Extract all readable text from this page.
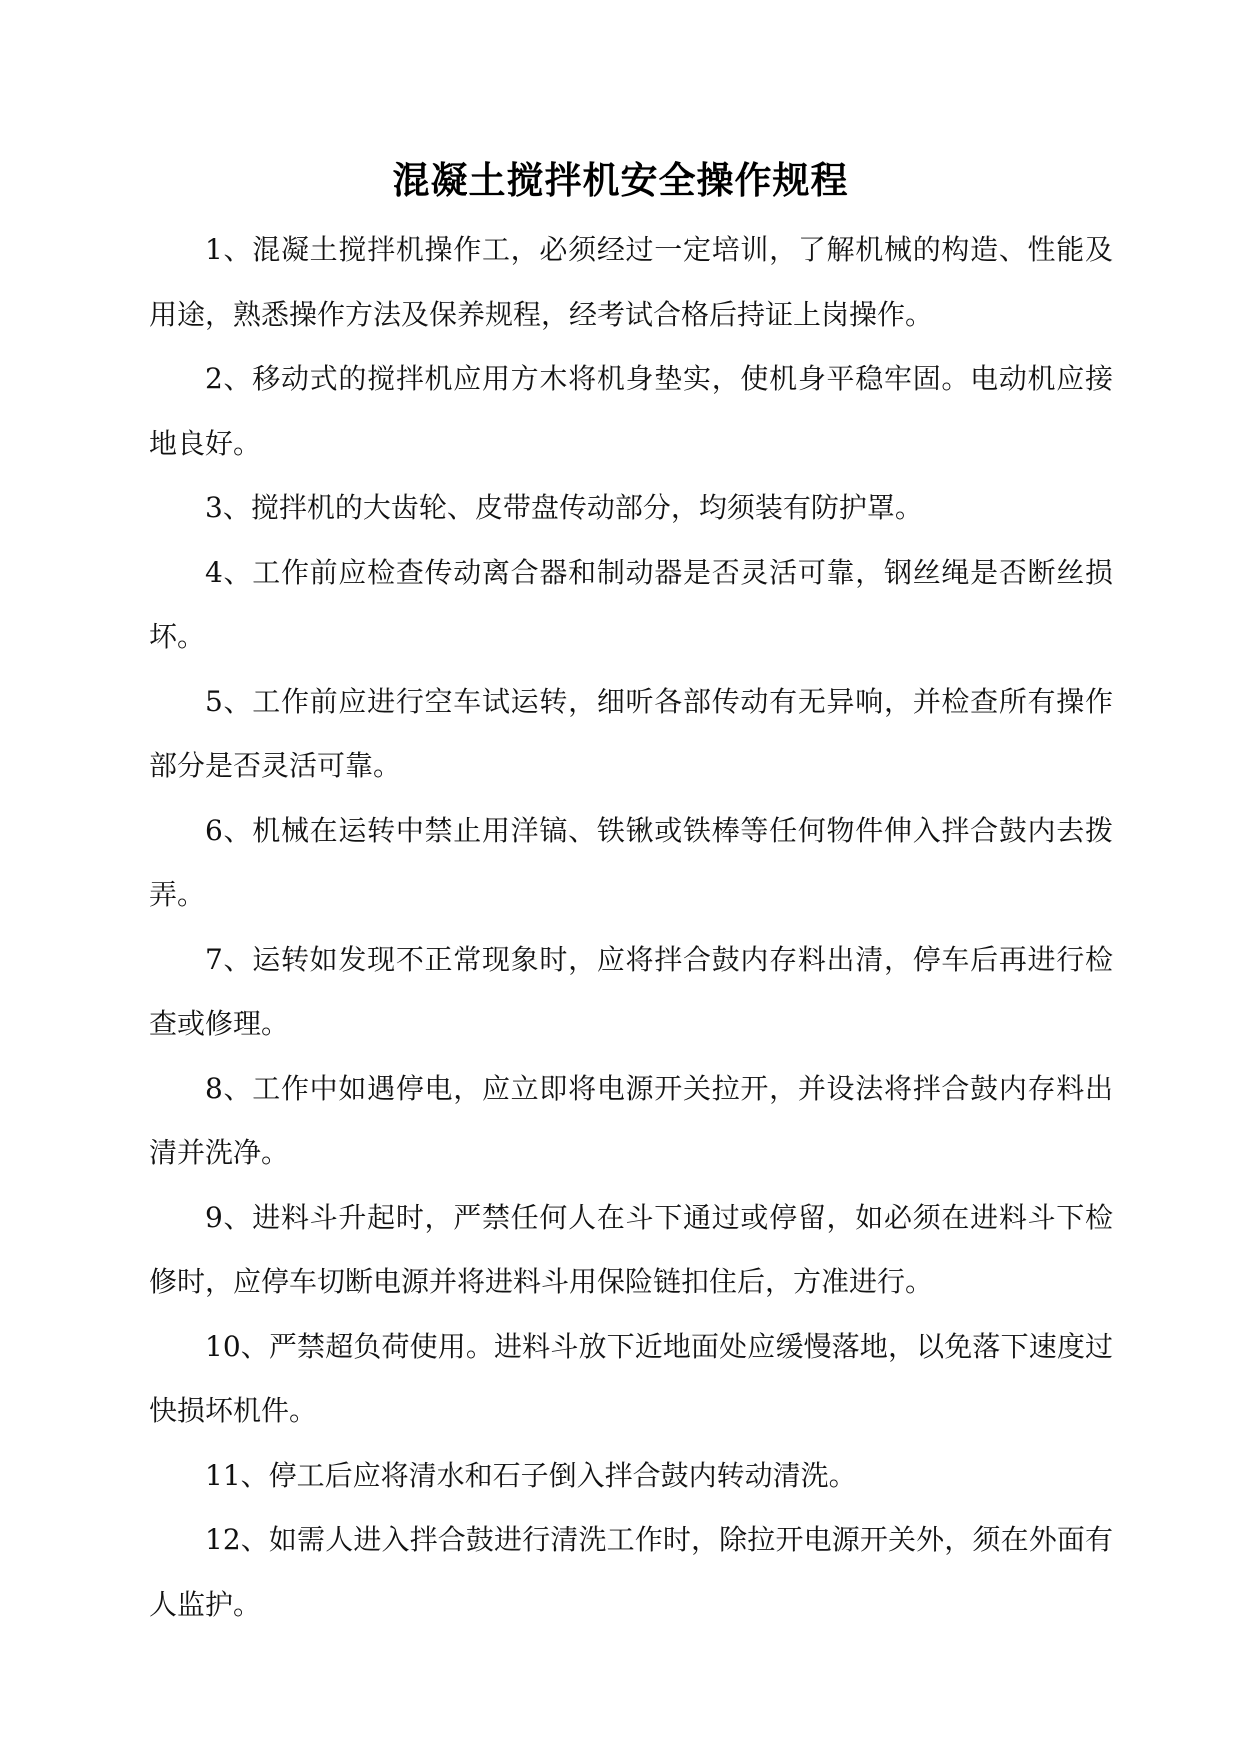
混凝土搅拌机安全操作规程

1、混凝土搅拌机操作工，必须经过一定培训，了解机械的构造、性能及用途，熟悉操作方法及保养规程，经考试合格后持证上岗操作。

2、移动式的搅拌机应用方木将机身垫实，使机身平稳牢固。电动机应接地良好。

3、搅拌机的大齿轮、皮带盘传动部分，均须装有防护罩。

4、工作前应检查传动离合器和制动器是否灵活可靠，钢丝绳是否断丝损坏。

5、工作前应进行空车试运转，细听各部传动有无异响，并检查所有操作部分是否灵活可靠。

6、机械在运转中禁止用洋镐、铁锹或铁棒等任何物件伸入拌合鼓内去拨弄。

7、运转如发现不正常现象时，应将拌合鼓内存料出清，停车后再进行检查或修理。

8、工作中如遇停电，应立即将电源开关拉开，并设法将拌合鼓内存料出清并洗净。

9、进料斗升起时，严禁任何人在斗下通过或停留，如必须在进料斗下检修时，应停车切断电源并将进料斗用保险链扣住后，方准进行。

10、严禁超负荷使用。进料斗放下近地面处应缓慢落地，以免落下速度过快损坏机件。

11、停工后应将清水和石子倒入拌合鼓内转动清洗。

12、如需人进入拌合鼓进行清洗工作时，除拉开电源开关外，须在外面有人监护。
